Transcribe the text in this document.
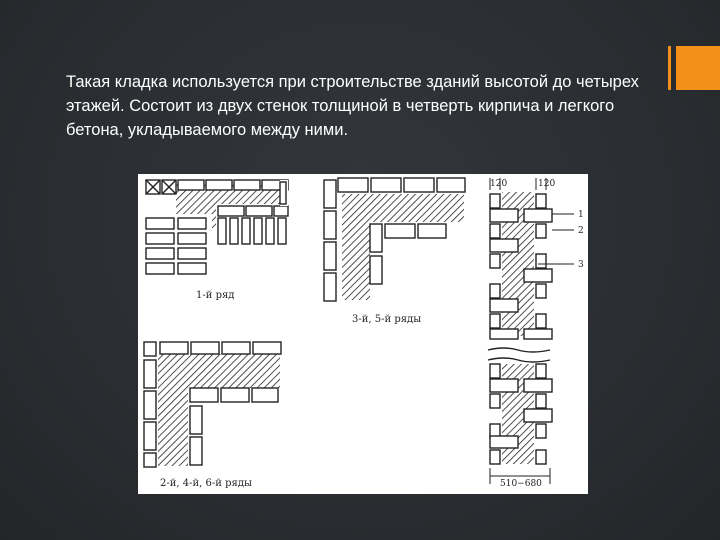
Такая кладка используется при строительстве зданий высотой до четырех этажей. Состоит из двух стенок толщиной в четверть кирпича и легкого бетона, укладываемого между ними.
1-й ряд
3-й, 5-й ряды
2-й, 4-й, 6-й ряды
120	120
510−680
1
2
3
